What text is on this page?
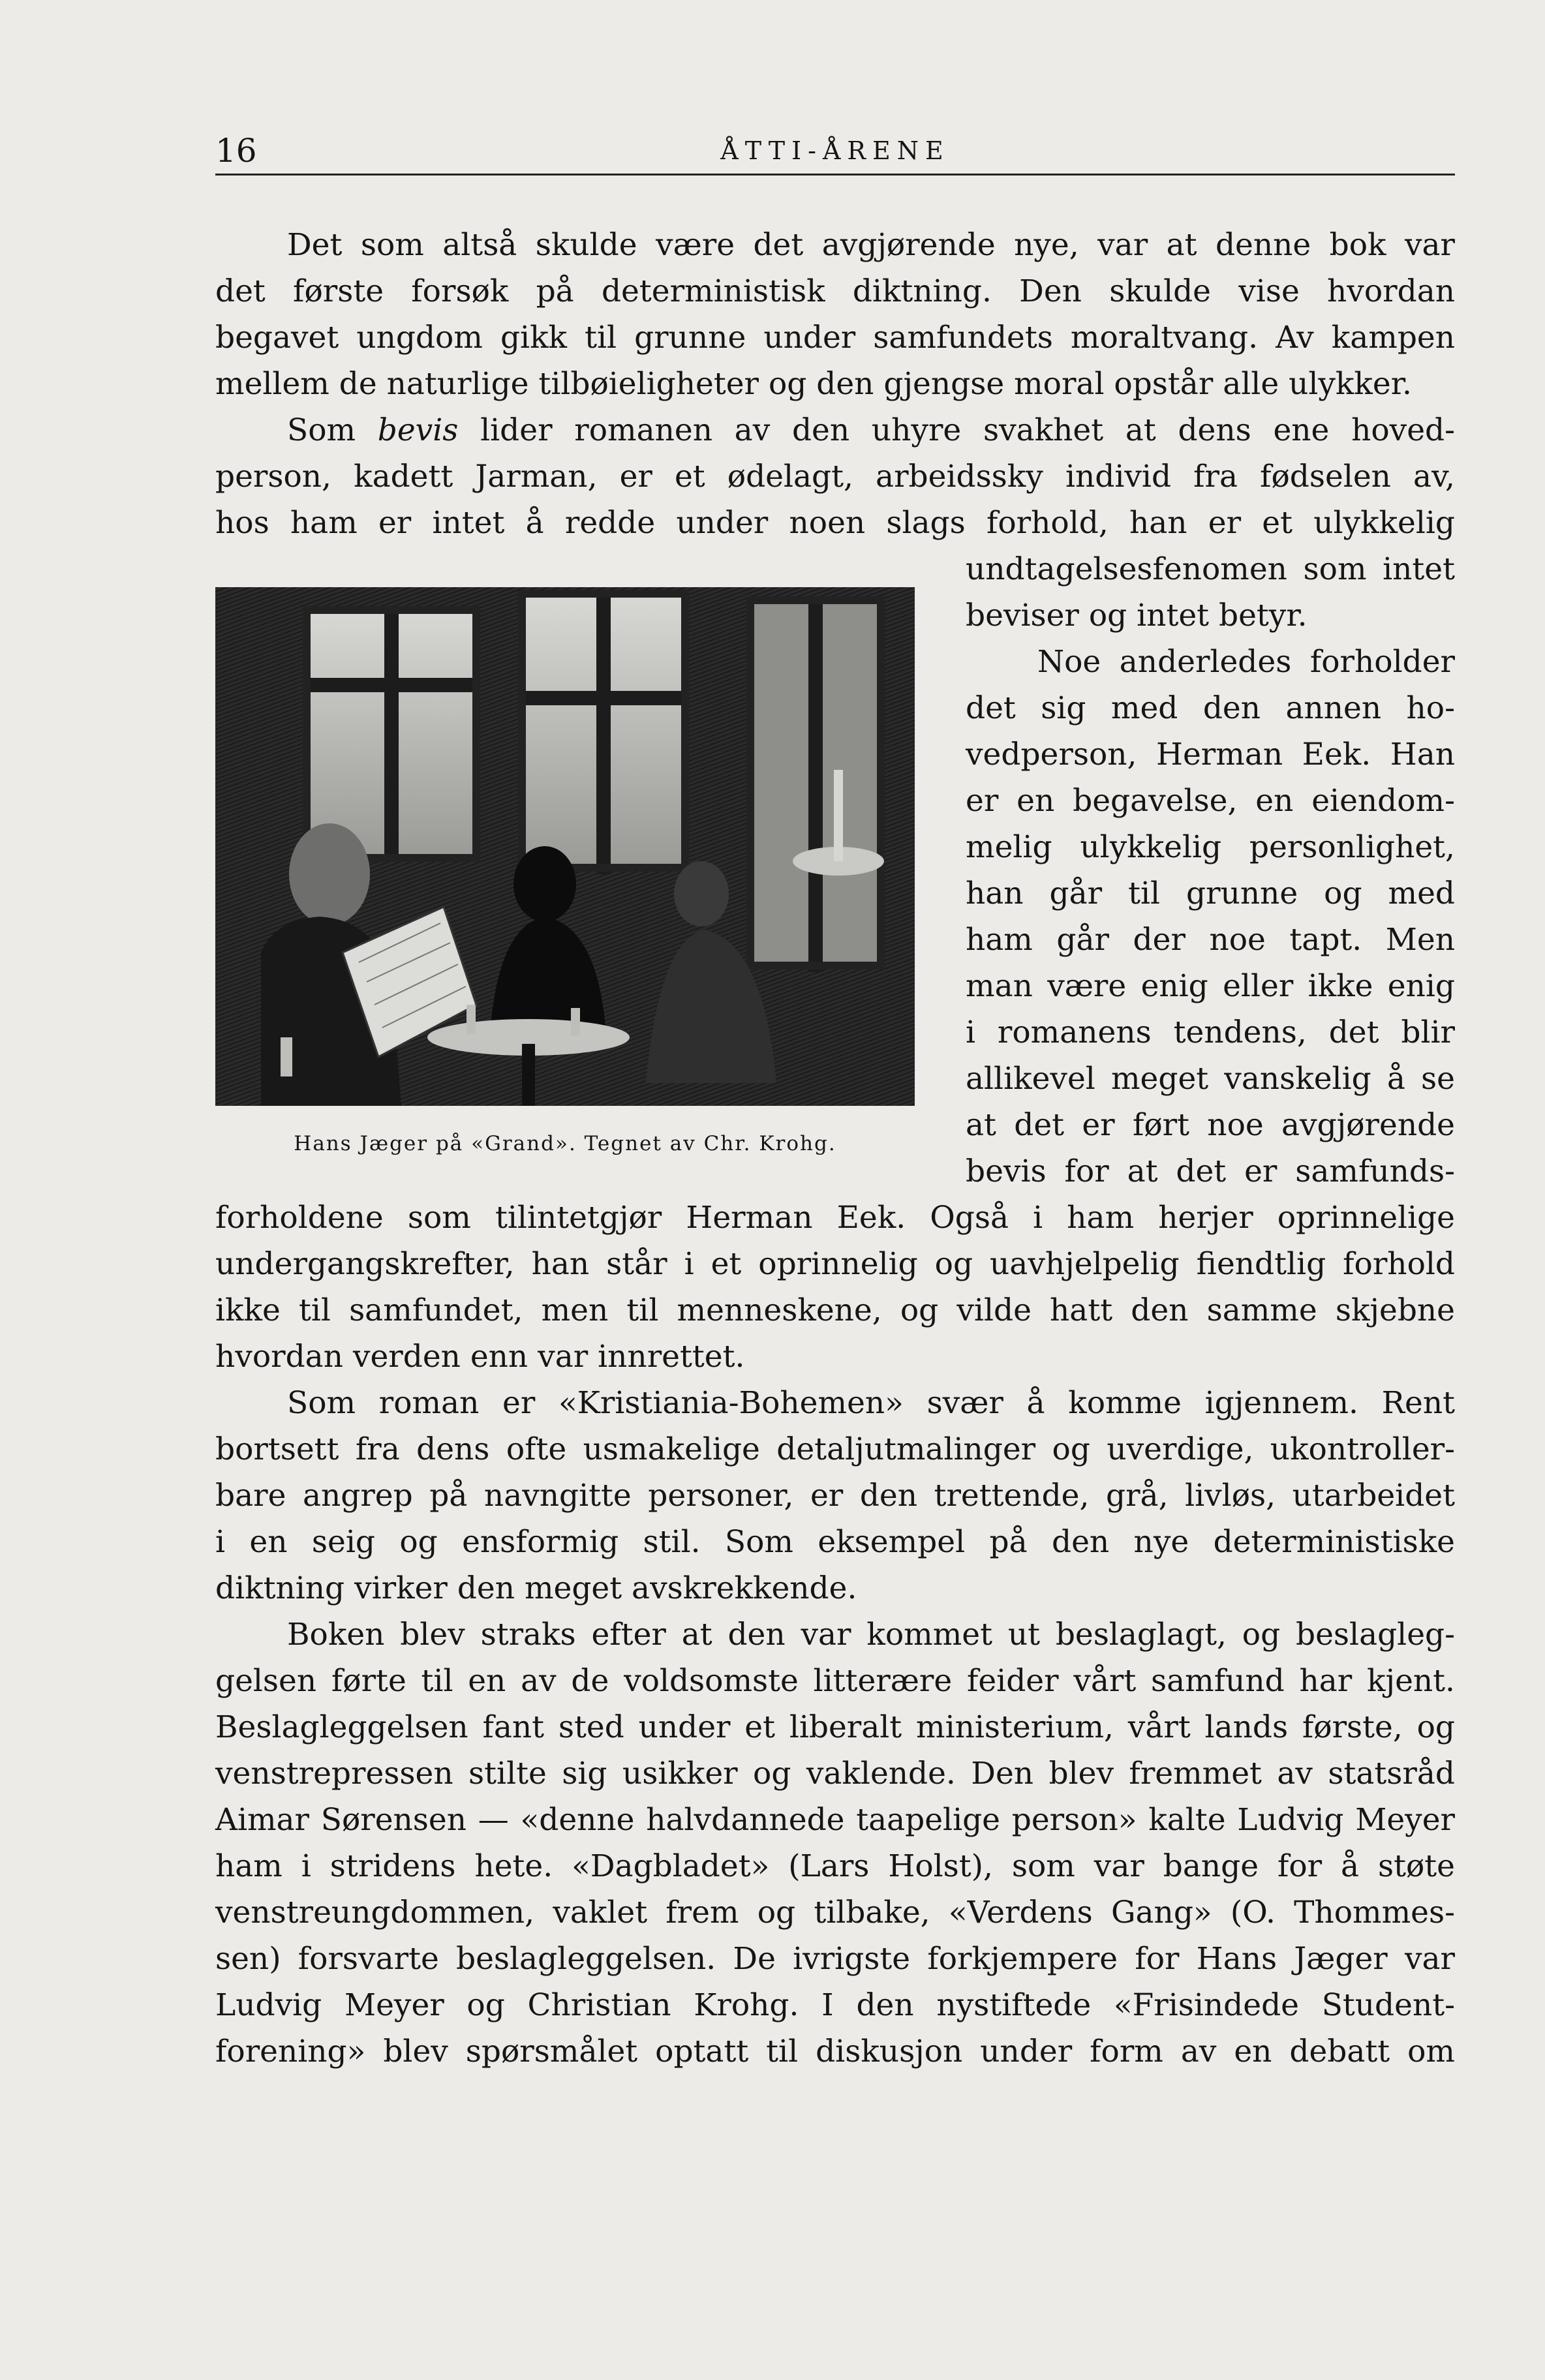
16	ÅTTI-ÅRENE
Det som altså skulde være det avgjørende nye, var at denne bok var
det første forsøk på deterministisk diktning. Den skulde vise hvordan
begavet ungdom gikk til grunne under samfundets moraltvang. Av kampen
mellem de naturlige tilbøieligheter og den gjengse moral opstår alle ulykker.
Som bevis lider romanen av den uhyre svakhet at dens ene hoved-
person, kadett Jarman, er et ødelagt, arbeidssky individ fra fødselen av,
hos ham er intet å redde under noen slags forhold, han er et ulykkelig
undtagelsesfenomen som intet
beviser og intet betyr.
Noe anderledes forholder
det sig med den annen ho-
vedperson, Herman Eek. Han
er en begavelse, en eiendom-
melig ulykkelig personlighet,
han går til grunne og med
ham går der noe tapt. Men
man være enig eller ikke enig
i romanens tendens, det blir
allikevel meget vanskelig å se
at det er ført noe avgjørende
bevis for at det er samfunds-
Hans Jæger på «Grand». Tegnet av Chr. Krohg.
forholdene som tilintetgjør Herman Eek. Også i ham herjer oprinnelige
undergangskrefter, han står i et oprinnelig og uavhjelpelig fiendtlig forhold
ikke til samfundet, men til menneskene, og vilde hatt den samme skjebne
hvordan verden enn var innrettet.
Som roman er «Kristiania-Bohemen» svær å komme igjennem. Rent
bortsett fra dens ofte usmakelige detaljutmalinger og uverdige, ukontroller-
bare angrep på navngitte personer, er den trettende, grå, livløs, utarbeidet
i en seig og ensformig stil. Som eksempel på den nye deterministiske
diktning virker den meget avskrekkende.
Boken blev straks efter at den var kommet ut beslaglagt, og beslagleg-
gelsen førte til en av de voldsomste litterære feider vårt samfund har kjent.
Beslagleggelsen fant sted under et liberalt ministerium, vårt lands første, og
venstrepressen stilte sig usikker og vaklende. Den blev fremmet av statsråd
Aimar Sørensen — «denne halvdannede taapelige person» kalte Ludvig Meyer
ham i stridens hete. «Dagbladet» (Lars Holst), som var bange for å støte
venstreungdommen, vaklet frem og tilbake, «Verdens Gang» (O. Thommes-
sen) forsvarte beslagleggelsen. De ivrigste forkjempere for Hans Jæger var
Ludvig Meyer og Christian Krohg. I den nystiftede «Frisindede Student-
forening» blev spørsmålet optatt til diskusjon under form av en debatt om
